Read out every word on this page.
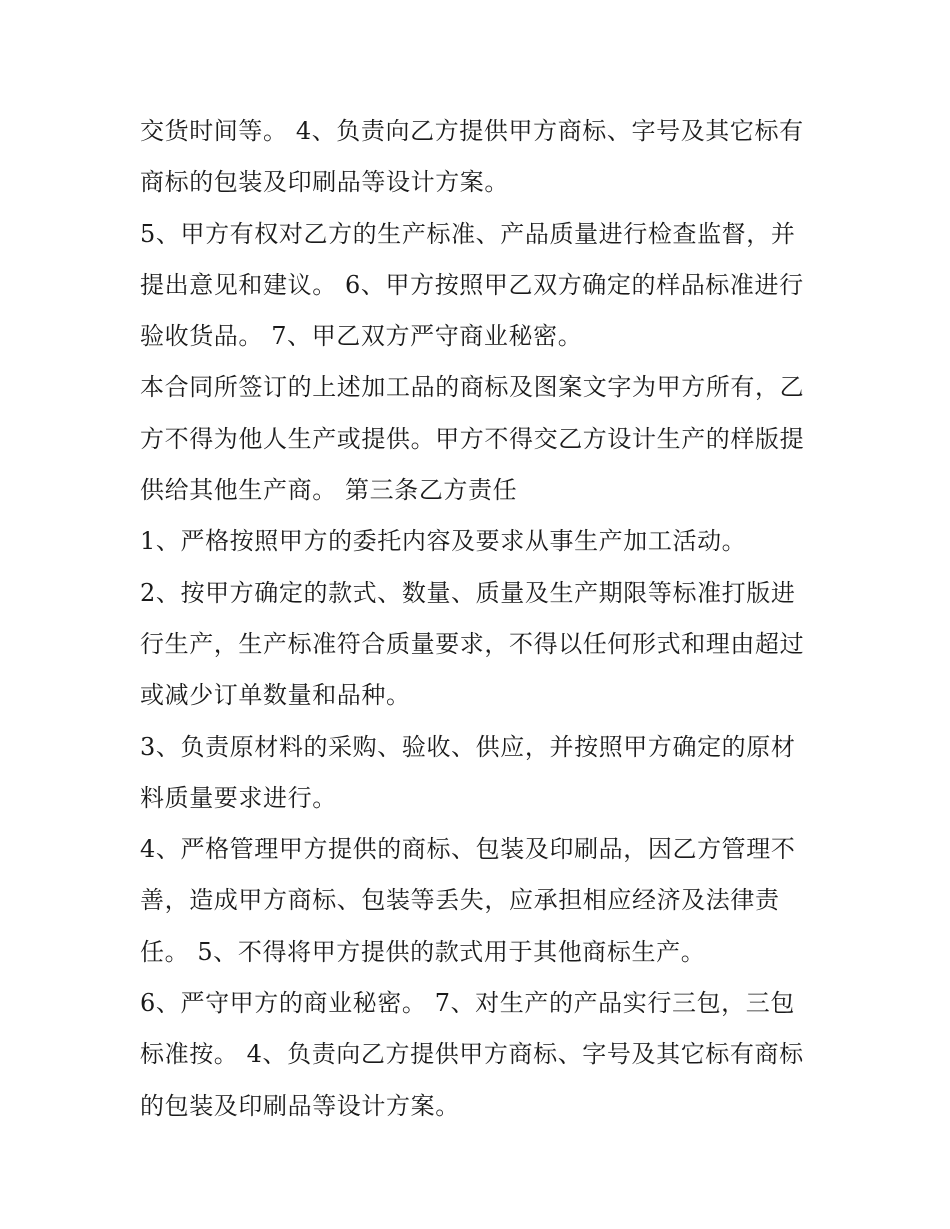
交货时间等。 4、负责向乙方提供甲方商标、字号及其它标有
商标的包装及印刷品等设计方案。
5、甲方有权对乙方的生产标准、产品质量进行检查监督，并
提出意见和建议。 6、甲方按照甲乙双方确定的样品标准进行
验收货品。 7、甲乙双方严守商业秘密。
本合同所签订的上述加工品的商标及图案文字为甲方所有，乙
方不得为他人生产或提供。甲方不得交乙方设计生产的样版提
供给其他生产商。 第三条乙方责任
1、严格按照甲方的委托内容及要求从事生产加工活动。
2、按甲方确定的款式、数量、质量及生产期限等标准打版进
行生产，生产标准符合质量要求，不得以任何形式和理由超过
或减少订单数量和品种。
3、负责原材料的采购、验收、供应，并按照甲方确定的原材
料质量要求进行。
4、严格管理甲方提供的商标、包装及印刷品，因乙方管理不
善，造成甲方商标、包装等丢失，应承担相应经济及法律责
任。 5、不得将甲方提供的款式用于其他商标生产。
6、严守甲方的商业秘密。 7、对生产的产品实行三包，三包
标准按。 4、负责向乙方提供甲方商标、字号及其它标有商标
的包装及印刷品等设计方案。
